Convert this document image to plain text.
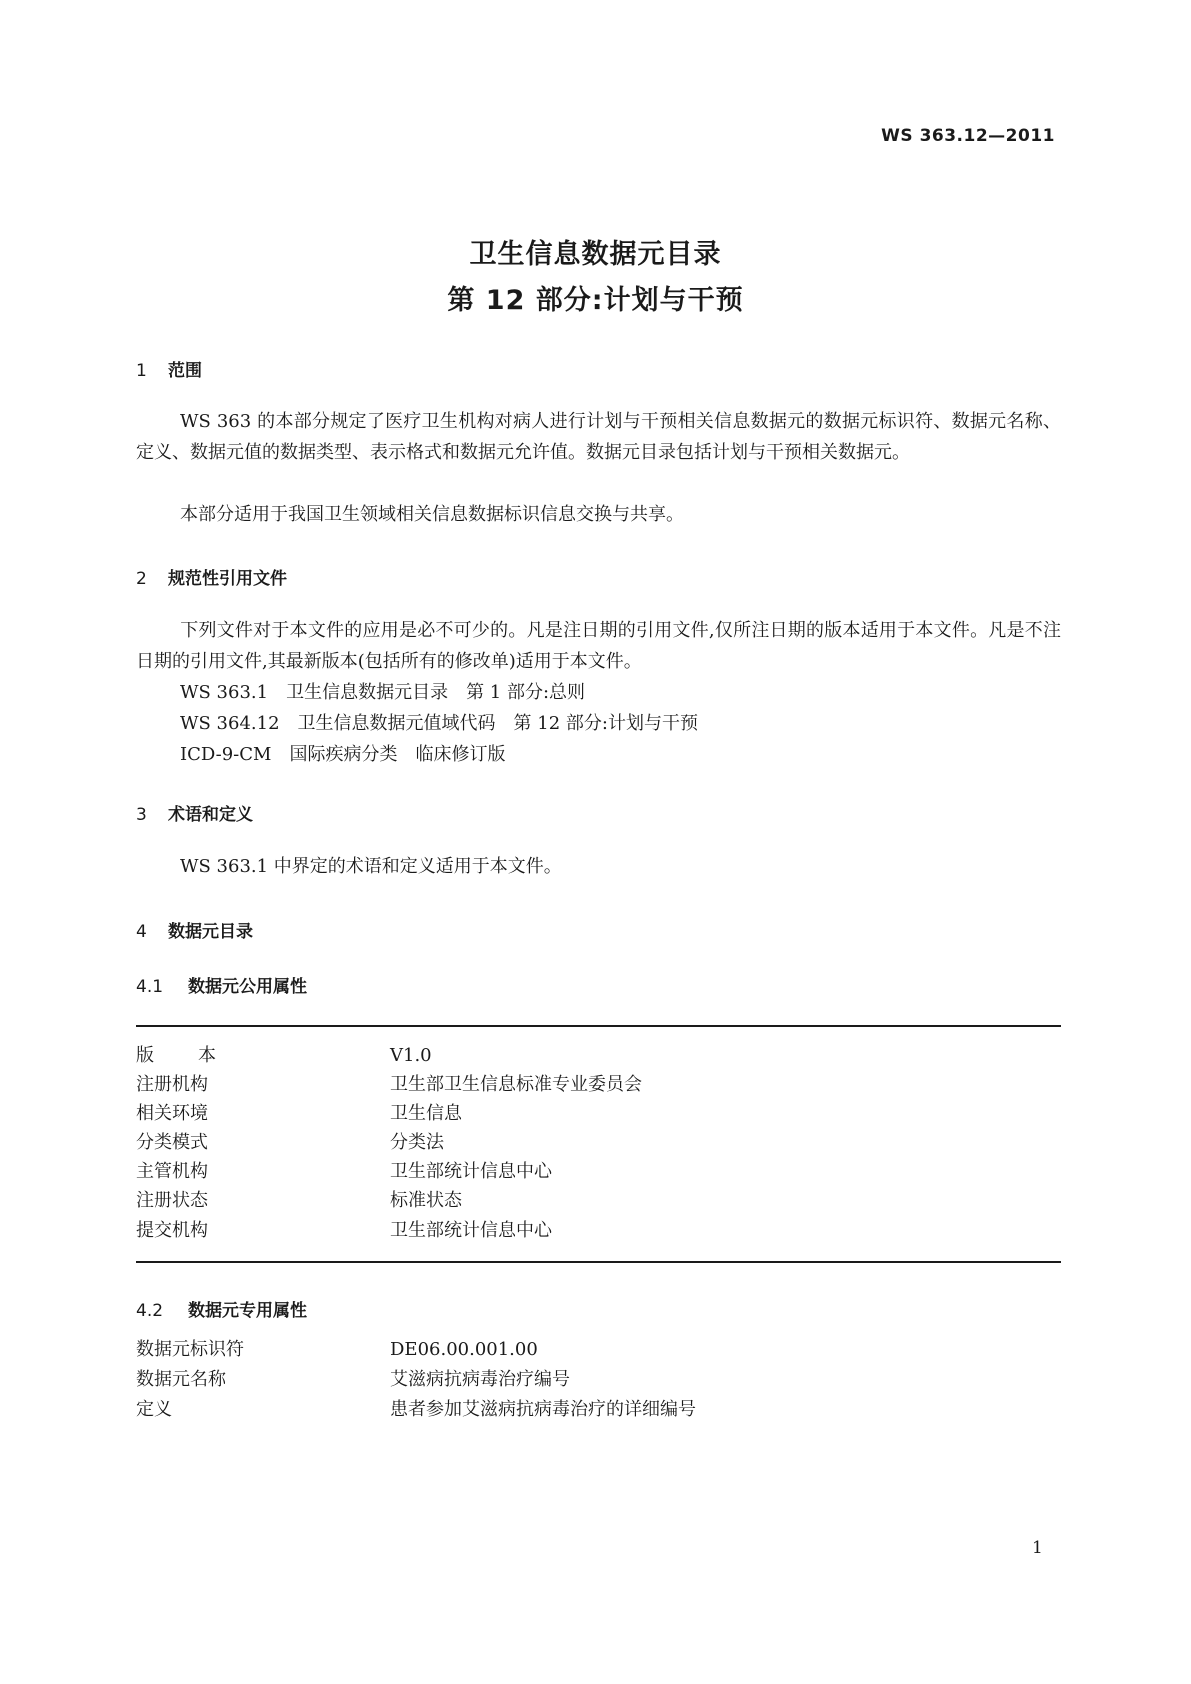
WS 363.12—2011
卫生信息数据元目录
第 12 部分:计划与干预
1 范围
WS 363 的本部分规定了医疗卫生机构对病人进行计划与干预相关信息数据元的数据元标识符、数据元名称、定义、数据元值的数据类型、表示格式和数据元允许值。数据元目录包括计划与干预相关数据元。
本部分适用于我国卫生领域相关信息数据标识信息交换与共享。
2 规范性引用文件
下列文件对于本文件的应用是必不可少的。凡是注日期的引用文件,仅所注日期的版本适用于本文件。凡是不注日期的引用文件,其最新版本(包括所有的修改单)适用于本文件。
WS 363.1　卫生信息数据元目录　第 1 部分:总则
WS 364.12　卫生信息数据元值域代码　第 12 部分:计划与干预
ICD-9-CM　国际疾病分类　临床修订版
3 术语和定义
WS 363.1 中界定的术语和定义适用于本文件。
4 数据元目录
4.1 数据元公用属性
版本	V1.0
注册机构	卫生部卫生信息标准专业委员会
相关环境	卫生信息
分类模式	分类法
主管机构	卫生部统计信息中心
注册状态	标准状态
提交机构	卫生部统计信息中心
4.2 数据元专用属性
数据元标识符	DE06.00.001.00
数据元名称	艾滋病抗病毒治疗编号
定义	患者参加艾滋病抗病毒治疗的详细编号
1
